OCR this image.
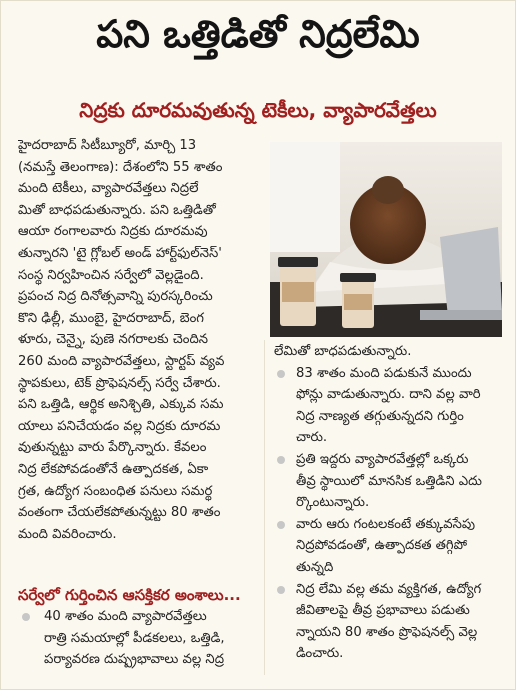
పని ఒత్తిడితో నిద్రలేమి
నిద్రకు దూరమవుతున్న టెకీలు, వ్యాపారవేత్తలు
హైదరాబాద్ సిటీబ్యూరో, మార్చి 13
(నమస్తే తెలంగాణ): దేశంలోని 55 శాతం
మంది టెకీలు, వ్యాపారవేత్తలు నిద్రలే
మితో బాధపడుతున్నారు. పని ఒత్తిడితో
ఆయా రంగాలవారు నిద్రకు దూరమవు
తున్నారని 'టై గ్లోబల్ అండ్ హార్ట్‌ఫుల్‌నెస్'
సంస్థ నిర్వహించిన సర్వేలో వెల్లడైంది.
ప్రపంచ నిద్ర దినోత్సవాన్ని పురస్కరించు
కొని ఢిల్లీ, ముంబై, హైదరాబాద్, బెంగ
ళూరు, చెన్నై, పుణె నగరాలకు చెందిన
260 మంది వ్యాపారవేత్తలు, స్టార్టప్ వ్యవ
స్థాపకులు, టెక్ ప్రొఫెషనల్స్ సర్వే చేశారు.
పని ఒత్తిడి, ఆర్థిక అనిశ్చితి, ఎక్కువ సమ
యాలు పనిచేయడం వల్ల నిద్రకు దూరమ
వుతున్నట్టు వారు పేర్కొన్నారు. కేవలం
నిద్ర లేకపోవడంతోనే ఉత్పాదకత, ఏకా
గ్రత, ఉద్యోగ సంబంధిత పనులు సమర్థ
వంతంగా చేయలేకపోతున్నట్టు 80 శాతం
మంది వివరించారు.
సర్వేలో గుర్తించిన ఆసక్తికర అంశాలు...
40 శాతం మంది వ్యాపారవేత్తలు
రాత్రి సమయాల్లో పీడకలలు, ఒత్తిడి,
పర్యావరణ దుష్ప్రభావాలు వల్ల నిద్ర
లేమితో బాధపడుతున్నారు.
83 శాతం మంది పడుకునే ముందు
ఫోన్లు వాడుతున్నారు. దాని వల్ల వారి
నిద్ర నాణ్యత తగ్గుతున్నదని గుర్తిం
చారు.
ప్రతి ఇద్దరు వ్యాపారవేత్తల్లో ఒక్కరు
తీవ్ర స్థాయిలో మానసిక ఒత్తిడిని ఎదు
ర్కొంటున్నారు.
వారు ఆరు గంటలకంటే తక్కువసేపు
నిద్రపోవడంతో, ఉత్పాదకత తగ్గిపో
తున్నది
నిద్ర లేమి వల్ల తమ వ్యక్తిగత, ఉద్యోగ
జీవితాలపై తీవ్ర ప్రభావాలు పడుతు
న్నాయని 80 శాతం ప్రొఫెషనల్స్ వెల్ల
డించారు.
